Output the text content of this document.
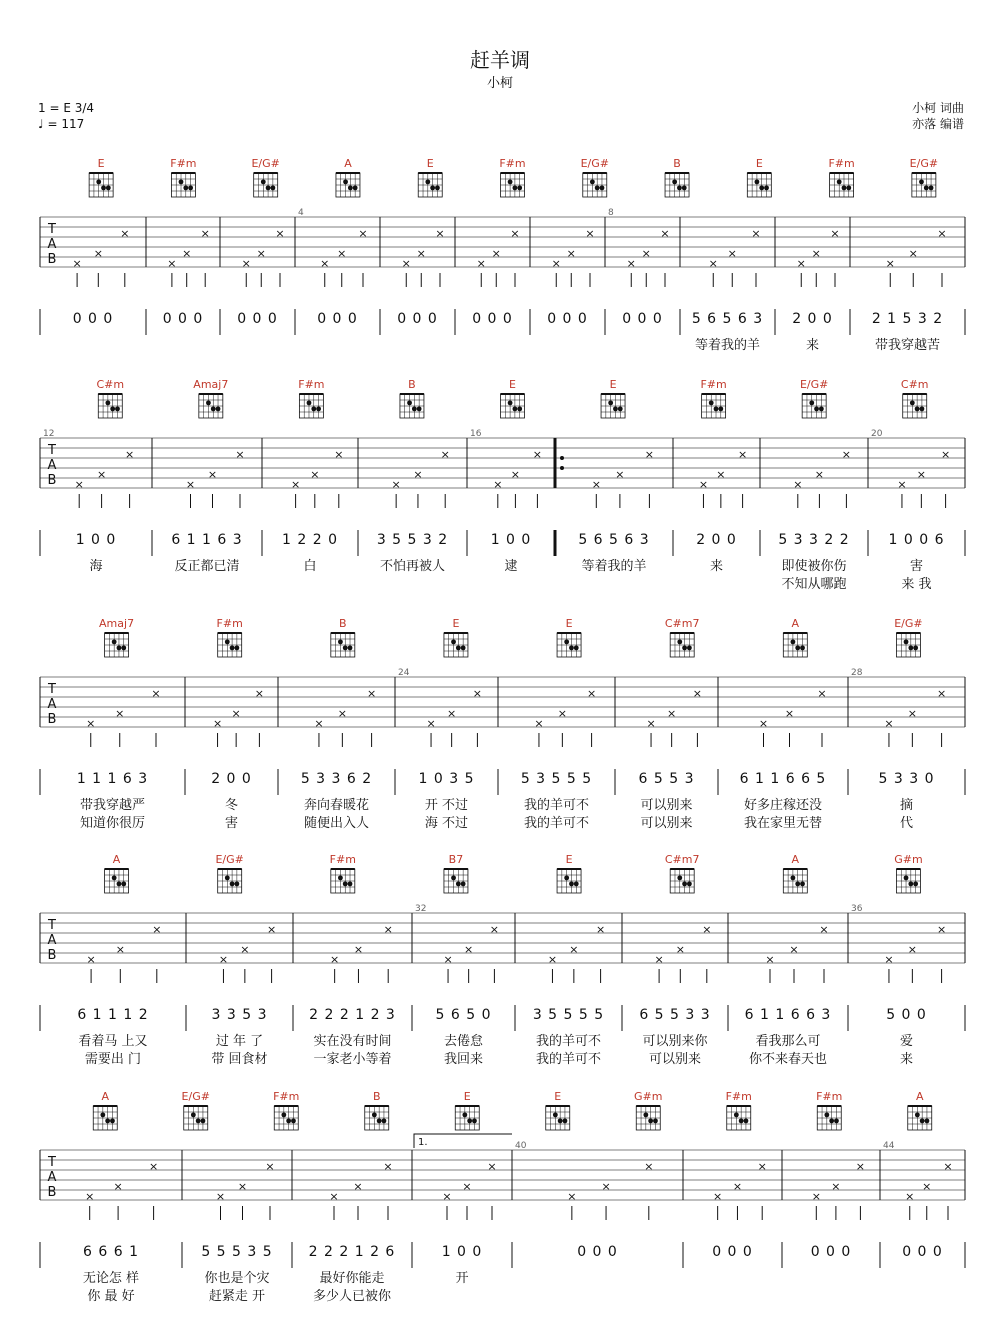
赶羊调
小柯
1 = E 3/4
♩ = 117
小柯 词曲
亦落 编谱
T
A
B
E	F#m	E/G#	A	E	F#m	E/G#	B	E	F#m	E/G#
4	8
×
×
×
×
×
×
×
×
×
×
×
×
×
×
×
×
×
×
×
×
×
×
×
×
×
×
×
×
×
×
×
×
×
0 0 0	0 0 0 0 0 0	0 0 0	0 0 0 0 0 0 0 0 0 0 0 0 5 6 5 6 3
等着我的羊
2 0 0
来
2 1 5 3 2
带我穿越苦
T
A
B
C#m	Amaj7	F#m	B	E	E	F#m	E/G#	C#m
12	16	20
×
×
×
×
×
×
×
×
×
×
×
×
×
×
×
×
×
×
×
×
×
×
×
×
×
×
×
1 0 0
海
6 1 1 6 3
反正都已清
1 2 2 0
白
3 5 5 3 2
不怕再被人
1 0 0
逮
5 6 5 6 3
等着我的羊
2 0 0
来
5 3 3 2 2
即使被你伤
不知从哪跑
1 0 0 6
害
来 我
T
A
B
Amaj7	F#m	B	E	E	C#m7	A	E/G#
24	28
×
×
×
×
×
×
×
×
×
×
×
×
×
×
×
×
×
×
×
×
×
×
×
×
1 1 1 6 3
带我穿越严
知道你很厉
2 0 0
冬
害
5 3 3 6 2
奔向春暖花
随便出入人
1 0 3 5
开 不过
海 不过
5 3 5 5 5
我的羊可不
我的羊可不
6 5 5 3
可以别来
可以别来
6 1 1 6 6 5
好多庄稼还没
我在家里无替
5 3 3 0
摘
代
T
A
B
A	E/G#	F#m	B7	E	C#m7	A	G#m
32	36
×
×
×
×
×
×
×
×
×
×
×
×
×
×
×
×
×
×
×
×
×
×
×
×
6 1 1 1 2
看着马 上又
需要出 门
3 3 5 3
过 年 了
带 回食材
2 2 2 1 2 3
实在没有时间
一家老小等着
5 6 5 0
去倦怠
我回来
3 5 5 5 5
我的羊可不
我的羊可不
6 5 5 3 3
可以别来你
可以别来
6 1 1 6 6 3
看我那么可
你不来春天也
5 0 0
爱
来
T
A
B
1.
A	E/G#	F#m	B	E	E	G#m	F#m	F#m	A
40	44
×
×
×
×
×
×
×
×
×
×
×
×
×
×
×
×
×
×
×
×
×
×
×
×
6 6 6 1
无论怎 样
你 最 好
5 5 5 3 5
你也是个灾
赶紧走 开
2 2 2 1 2 6
最好你能走
多少人已被你
1 0 0
开
0 0 0	0 0 0	0 0 0	0 0 0
